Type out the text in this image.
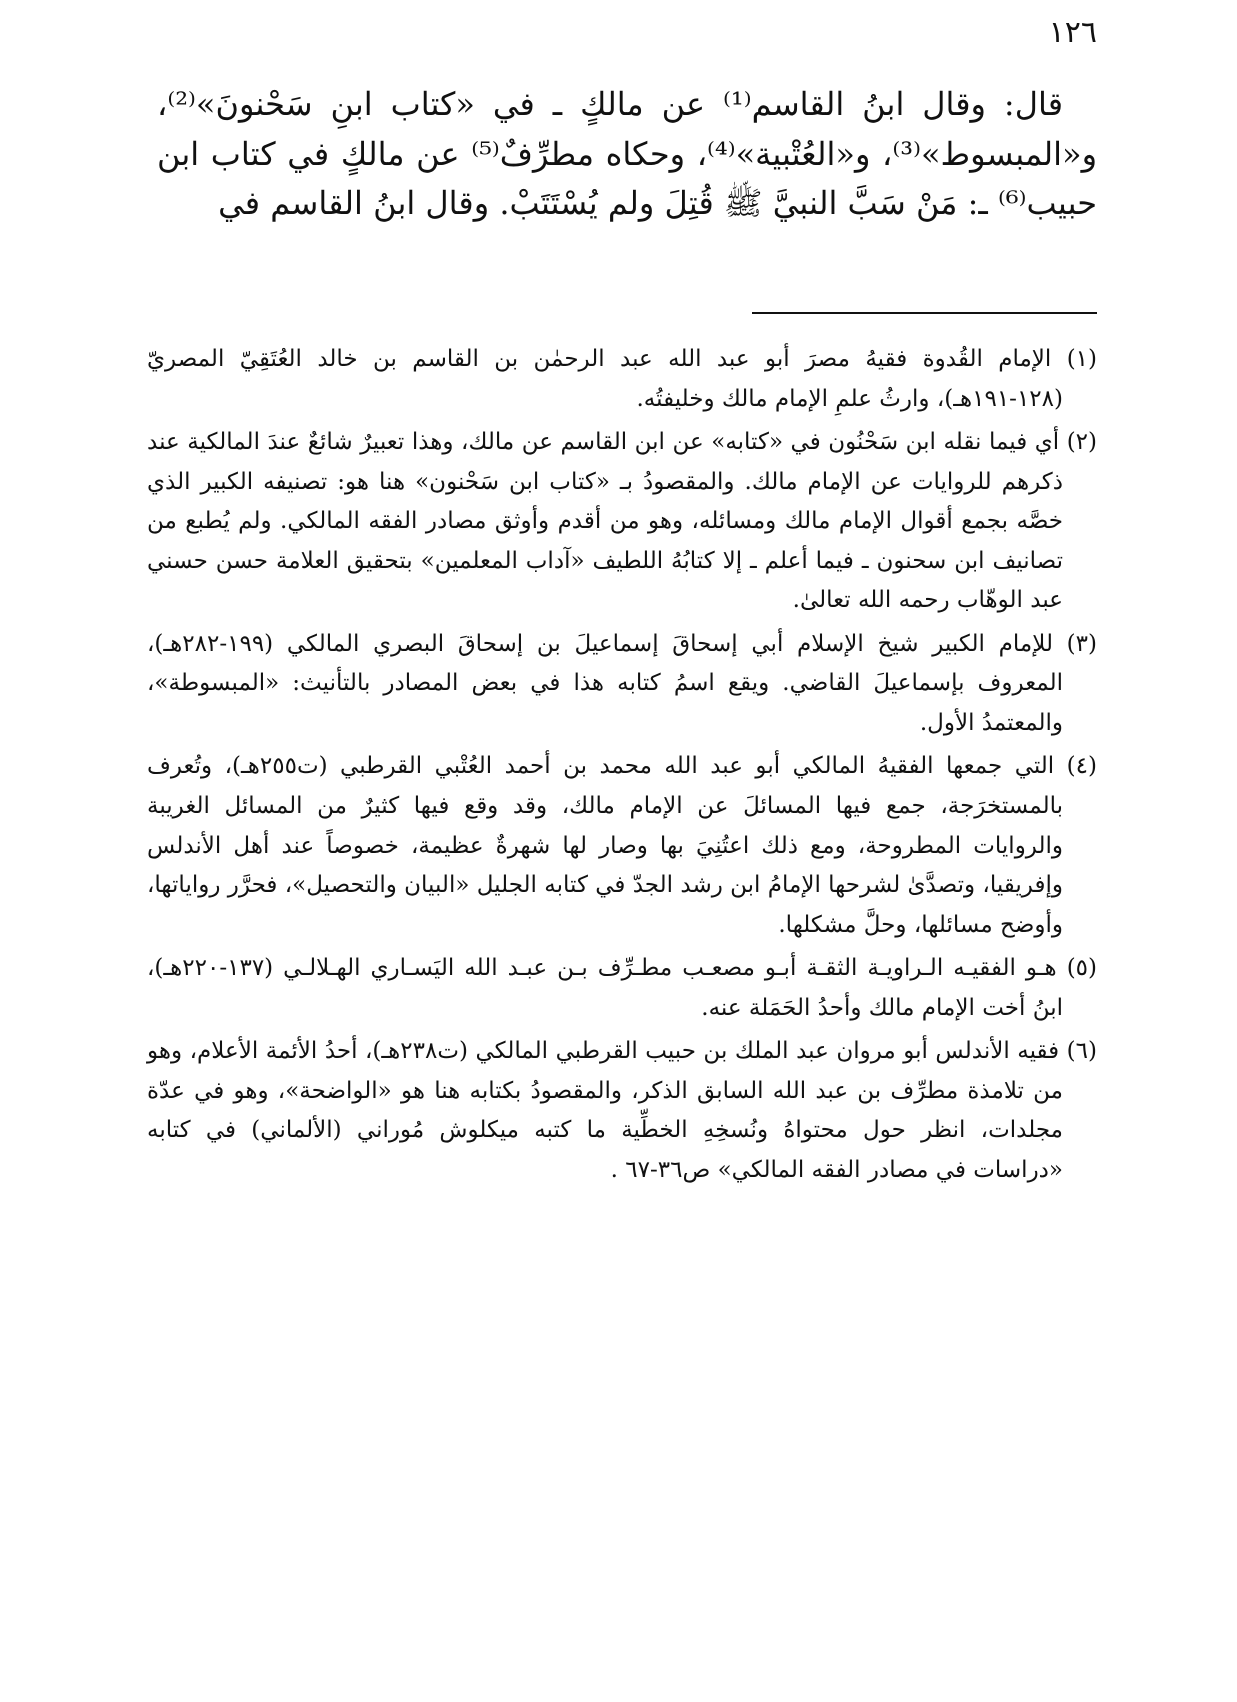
١٢٦

قال: وقال ابنُ القاسم⁽¹⁾ عن مالكٍ ـ في «كتاب ابنِ سَحْنونَ»⁽²⁾، و«المبسوط»⁽³⁾، و«العُتْبية»⁽⁴⁾، وحكاه مطرِّفٌ⁽⁵⁾ عن مالكٍ في كتاب ابن حبيب⁽⁶⁾ ـ: مَنْ سَبَّ النبيَّ ﷺ قُتِلَ ولم يُسْتَتَبْ. وقال ابنُ القاسم في

(١) الإمام القُدوة فقيهُ مصرَ أبو عبد الله عبد الرحمٰن بن القاسم بن خالد العُتَقِيّ المصريّ (١٢٨-١٩١هـ)، وارثُ علمِ الإمام مالك وخليفتُه.

(٢) أي فيما نقله ابن سَحْنُون في «كتابه» عن ابن القاسم عن مالك، وهذا تعبيرٌ شائعٌ عندَ المالكية عند ذكرهم للروايات عن الإمام مالك. والمقصودُ بـ «كتاب ابن سَحْنون» هنا هو: تصنيفه الكبير الذي خصَّه بجمع أقوال الإمام مالك ومسائله، وهو من أقدم وأوثق مصادر الفقه المالكي. ولم يُطبع من تصانيف ابن سحنون ـ فيما أعلم ـ إلا كتابُهُ اللطيف «آداب المعلمين» بتحقيق العلامة حسن حسني عبد الوهّاب رحمه الله تعالىٰ.

(٣) للإمام الكبير شيخ الإسلام أبي إسحاقَ إسماعيلَ بن إسحاقَ البصري المالكي (١٩٩-٢٨٢هـ)، المعروف بإسماعيلَ القاضي. ويقع اسمُ كتابه هذا في بعض المصادر بالتأنيث: «المبسوطة»، والمعتمدُ الأول.

(٤) التي جمعها الفقيهُ المالكي أبو عبد الله محمد بن أحمد العُتْبي القرطبي (ت٢٥٥هـ)، وتُعرف بالمستخرَجة، جمع فيها المسائلَ عن الإمام مالك، وقد وقع فيها كثيرٌ من المسائل الغريبة والروايات المطروحة، ومع ذلك اعتُنِيَ بها وصار لها شهرةٌ عظيمة، خصوصاً عند أهل الأندلس وإفريقيا، وتصدَّىٰ لشرحها الإمامُ ابن رشد الجدّ في كتابه الجليل «البيان والتحصيل»، فحرَّر رواياتها، وأوضح مسائلها، وحلَّ مشكلها.

(٥) هـو الفقيـه الـراويـة الثقـة أبـو مصعـب مطـرِّف بـن عبـد الله اليَسـاري الهـلالـي (١٣٧-٢٢٠هـ)، ابنُ أخت الإمام مالك وأحدُ الحَمَلة عنه.

(٦) فقيه الأندلس أبو مروان عبد الملك بن حبيب القرطبي المالكي (ت٢٣٨هـ)، أحدُ الأئمة الأعلام، وهو من تلامذة مطرِّف بن عبد الله السابق الذكر، والمقصودُ بكتابه هنا هو «الواضحة»، وهو في عدّة مجلدات، انظر حول محتواهُ ونُسخِهِ الخطِّية ما كتبه ميكلوش مُوراني (الألماني) في كتابه «دراسات في مصادر الفقه المالكي» ص٣٦-٦٧ .
